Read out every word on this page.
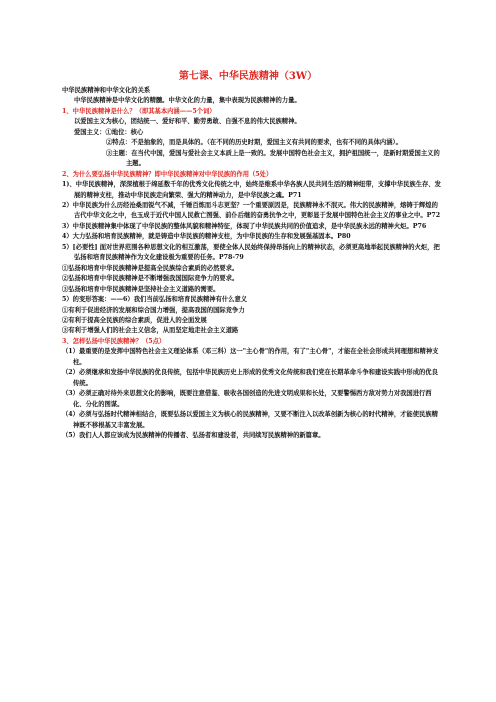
第七课、中华民族精神（3W）

中华民族精神和中华文化的关系

中华民族精神是中华文化的精髓。中华文化的力量，集中表现为民族精神的力量。

1、中华民族精神是什么？（即其基本内涵——5个词）

以爱国主义为核心，团结统一、爱好和平、勤劳勇敢、自强不息的伟大民族精神。

爱国主义：①地位：核心

②特点：不是抽象的，而是具体的。（在不同的历史时期，爱国主义有共同的要求，也有不同的具体内涵）。

③主题：在当代中国，爱国与爱社会主义本质上是一致的。发展中国特色社会主义，拥护祖国统一，是新时期爱国主义的主题。

2、为什么要弘扬中华民族精神？即中华民族精神对中华民族的作用（5处）

1)、中华民族精神，深深植根于绵延数千年的优秀文化传统之中，始终是维系中华各族人民共同生活的精神纽带，支撑中华民族生存、发展的精神支柱，推动中华民族走向繁荣、强大的精神动力，是中华民族之魂。P71

2）中华民族为什么历经沧桑而锐气不减，千锤百炼而斗志更坚？一个重要原因是，民族精神永不泯灭。伟大的民族精神，熔铸于辉煌的古代中华文化之中，也玉成于近代中国人民救亡图强、前仆后继的奋勇抗争之中，更彰显于发展中国特色社会主义的事业之中。P72

3）中华民族精神集中体现了中华民族的整体风貌和精神特征，体现了中华民族共同的价值追求，是中华民族永远的精神火炬。P76

4）大力弘扬和培育民族精神，就是铸造中华民族的精神支柱，为中华民族的生存和发展强基固本。P80

5）[必要性] 面对世界范围各种思想文化的相互激荡，要使全体人民始终保持昂扬向上的精神状态，必须更高地举起民族精神的火炬，把弘扬和培育民族精神作为文化建设极为重要的任务。P78-79

①弘扬和培育中华民族精神是提高全民族综合素质的必然要求。

②弘扬和培育中华民族精神是不断增强我国国际竞争力的要求。

③弘扬和培育中华民族精神是坚持社会主义道路的需要。

5）的变形答案：——6）我们当前弘扬和培育民族精神有什么意义

①有利于促进经济的发展和综合国力增强，提高我国的国际竞争力

②有利于提高全民族的综合素质，促进人的全面发展

③有利于增强人们的社会主义信念，从而坚定地走社会主义道路

3、怎样弘扬中华民族精神？（5点）

（1）最重要的是发挥中国特色社会主义理论体系（邓三科）这一"主心骨"的作用，有了"主心骨"，才能在全社会形成共同理想和精神支柱。

（2）必须继承和发扬中华民族的优良传统，包括中华民族历史上形成的优秀文化传统和我们党在长期革命斗争和建设实践中形成的优良传统。

（3）必须正确对待外来思想文化的影响，既要注意借鉴、吸收各国创造的先进文明成果和长处，又要警惕西方敌对势力对我国进行西化、分化的图谋。

（4）必须与弘扬时代精神相结合，既要弘扬以爱国主义为核心的民族精神，又要不断注入以改革创新为核心的时代精神，才能使民族精神既不移根基又丰富发展。

（5）我们人人都应该成为民族精神的传播者、弘扬者和建设者，共同续写民族精神的新篇章。
